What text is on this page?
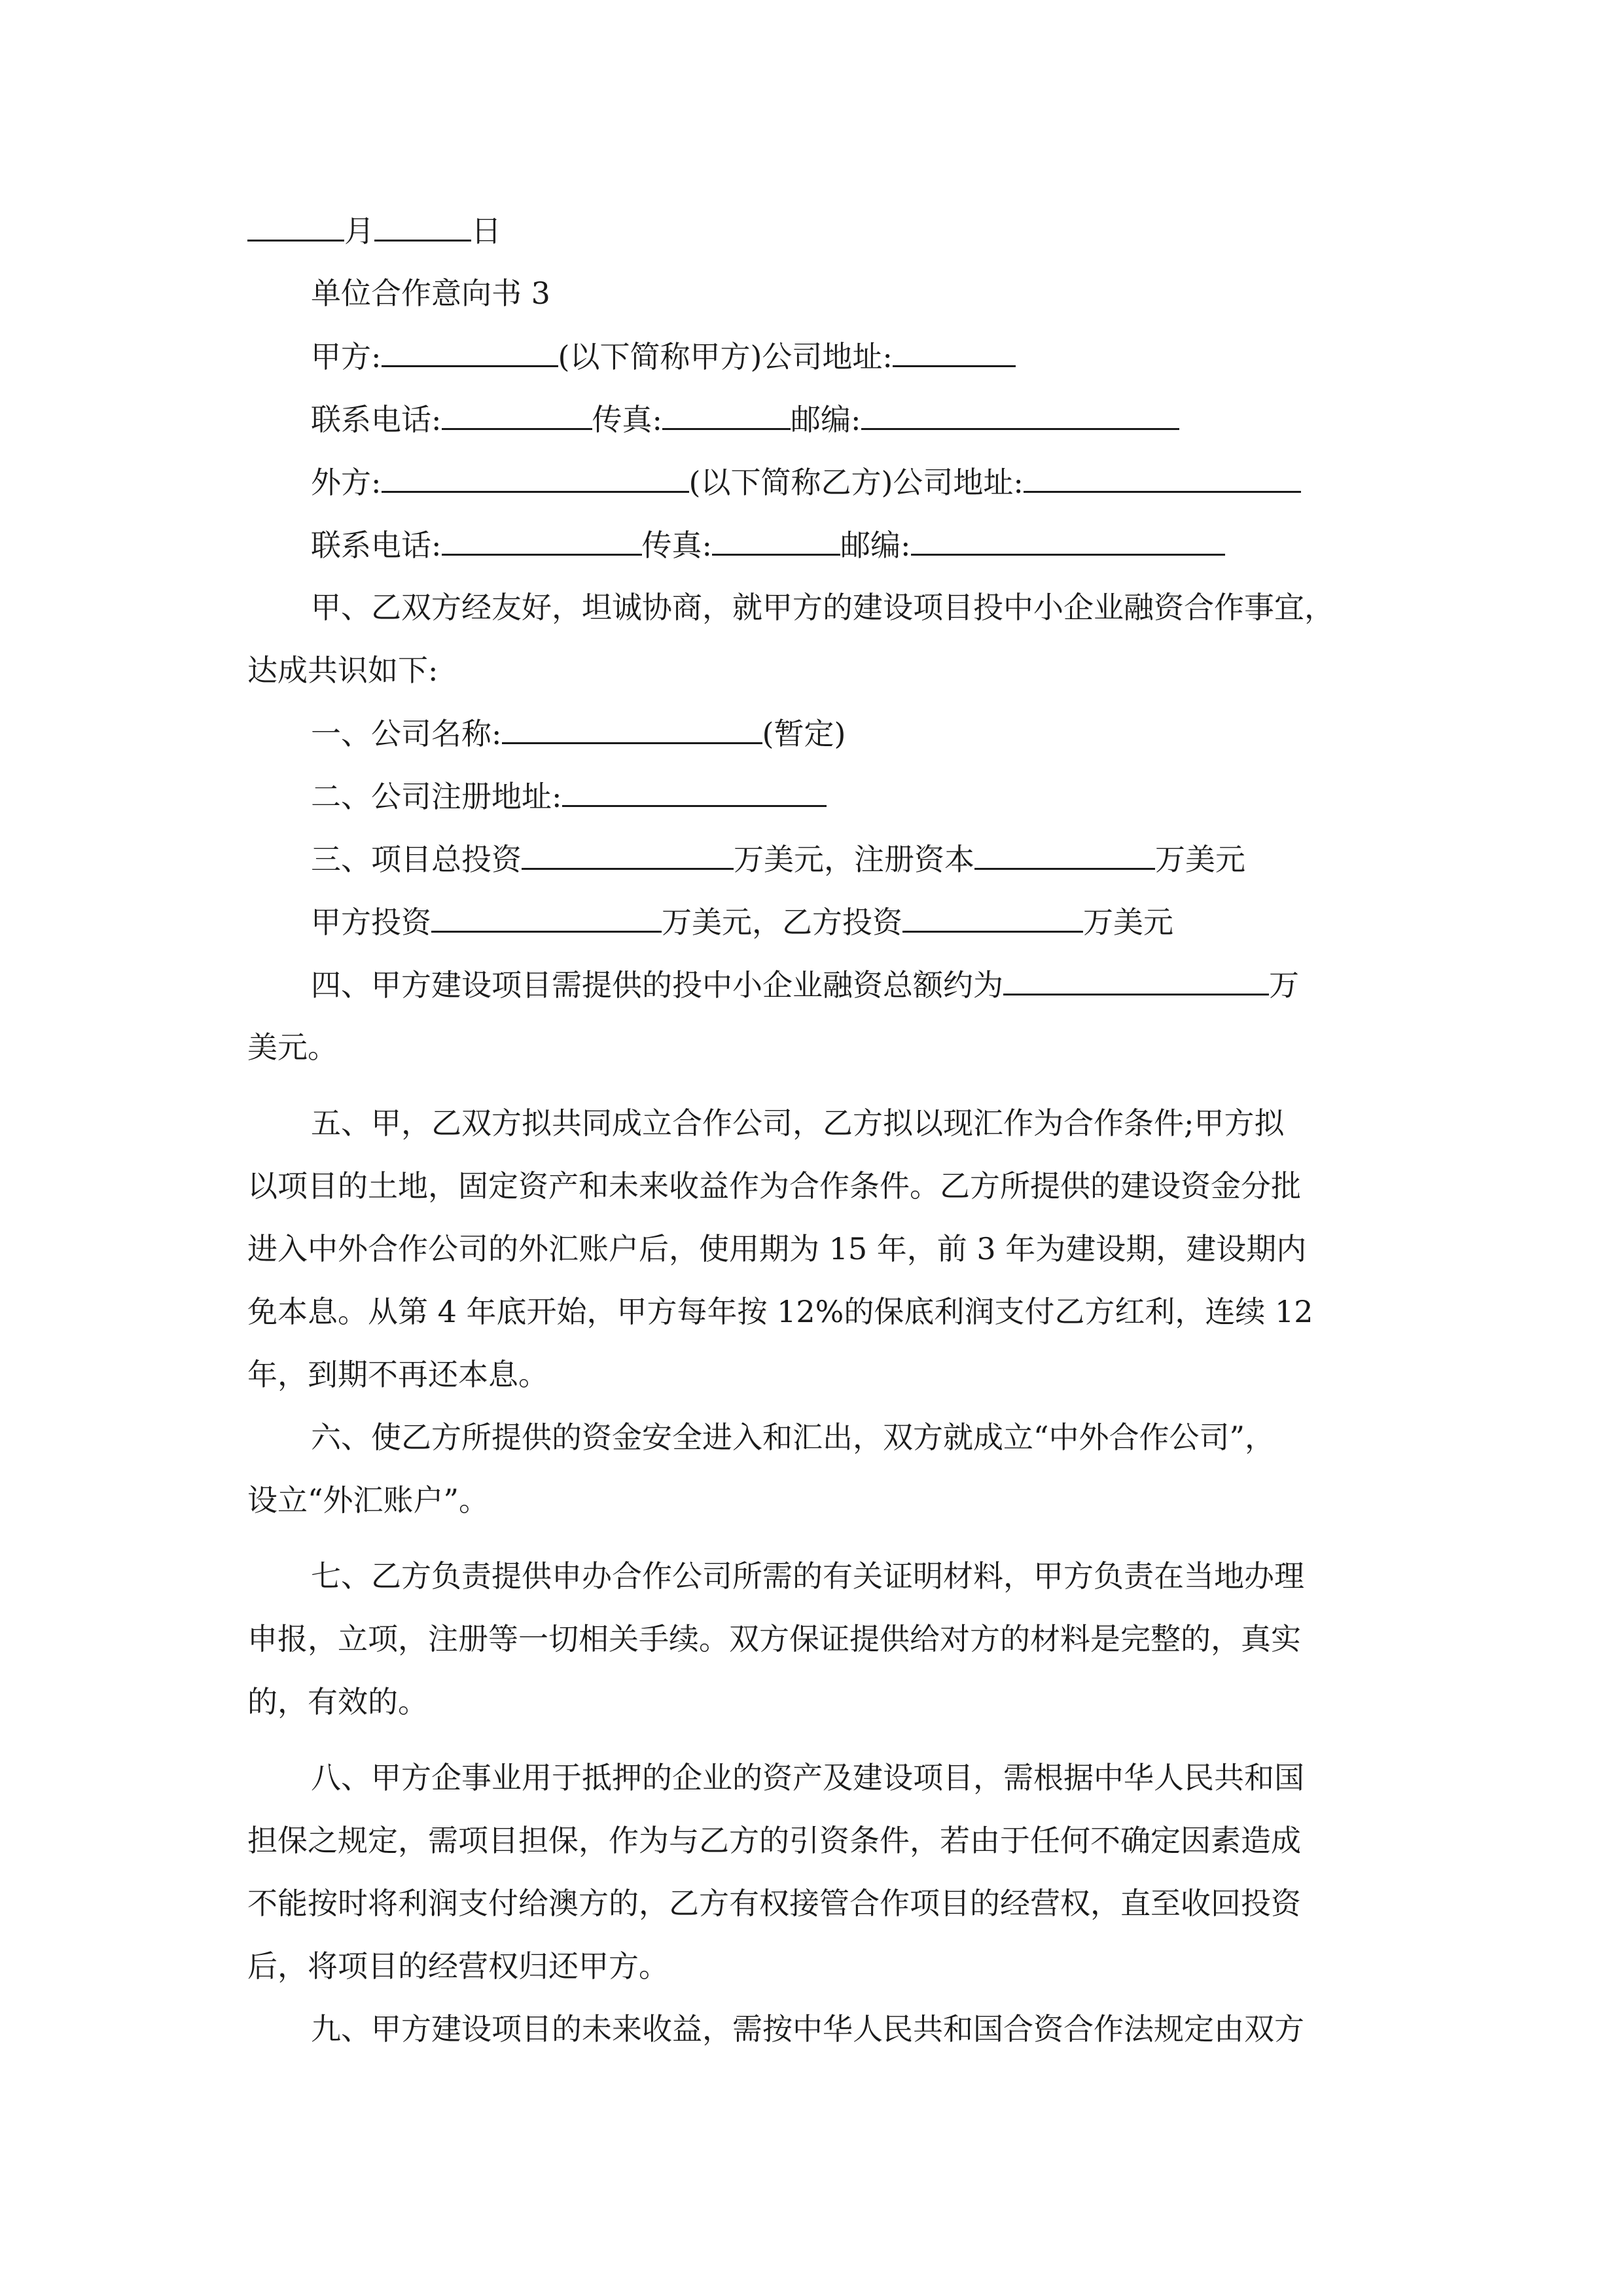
月	日
单位合作意向书 3
甲方:	(以下简称甲方)公司地址:
联系电话:	传真:	邮编:
外方:	(以下简称乙方)公司地址:
联系电话:	传真:	邮编:
甲、乙双方经友好，坦诚协商，就甲方的建设项目投中小企业融资合作事宜，
达成共识如下:
一、公司名称:	(暂定)
二、公司注册地址:
三、项目总投资	万美元，注册资本	万美元
甲方投资	万美元，乙方投资	万美元
四、甲方建设项目需提供的投中小企业融资总额约为	万
美元。
五、甲，乙双方拟共同成立合作公司，乙方拟以现汇作为合作条件;甲方拟
以项目的土地，固定资产和未来收益作为合作条件。乙方所提供的建设资金分批
进入中外合作公司的外汇账户后，使用期为 15 年，前 3 年为建设期，建设期内
免本息。从第 4 年底开始，甲方每年按 12%的保底利润支付乙方红利，连续 12
年，到期不再还本息。
六、使乙方所提供的资金安全进入和汇出，双方就成立“中外合作公司”，
设立“外汇账户”。
七、乙方负责提供申办合作公司所需的有关证明材料，甲方负责在当地办理
申报，立项，注册等一切相关手续。双方保证提供给对方的材料是完整的，真实
的，有效的。
八、甲方企事业用于抵押的企业的资产及建设项目，需根据中华人民共和国
担保之规定，需项目担保，作为与乙方的引资条件，若由于任何不确定因素造成
不能按时将利润支付给澳方的，乙方有权接管合作项目的经营权，直至收回投资
后，将项目的经营权归还甲方。
九、甲方建设项目的未来收益，需按中华人民共和国合资合作法规定由双方
